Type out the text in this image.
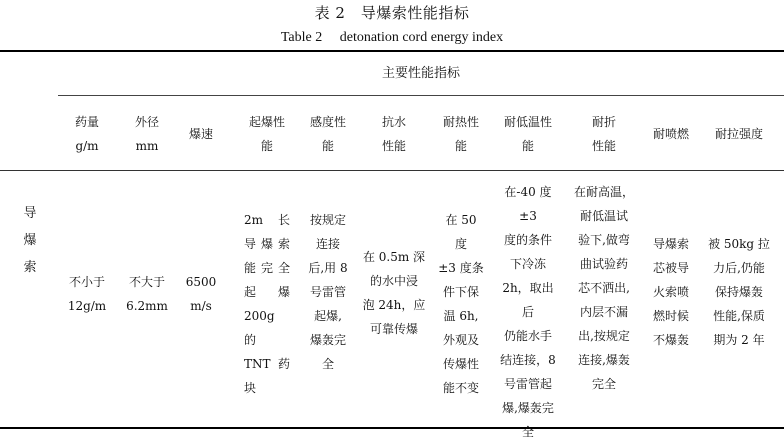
表 2　导爆索性能指标
Table 2　 detonation cord energy index
主要性能指标
导
爆
索
药量
g/m
不小于
12g/m
外径
mm
不大于
6.2mm
爆速
6500
m/s
起爆性
能
2m　长
导爆索
能完全
起　爆
200g 的
TNT 药
块
感度性
能
按规定
连接
后,用 8
号雷管
起爆,
爆轰完
全
抗水
性能
在 0.5m 深
的水中浸
泡 24h，应
可靠传爆
耐热性
能
在 50 度
±3 度条
件下保
温 6h,
外观及
传爆性
能不变
耐低温性
能
在-40 度±3
度的条件
下冷冻
2h，取出后
仍能水手
结连接，8
号雷管起
爆,爆轰完
全
耐折
性能
在耐高温，
耐低温试
验下,做弯
曲试验药
芯不洒出,
内层不漏
出,按规定
连接,爆轰
完全
耐喷燃
导爆索
芯被导
火索喷
燃时候
不爆轰
耐拉强度
被 50kg 拉
力后,仍能
保持爆轰
性能,保质
期为 2 年
